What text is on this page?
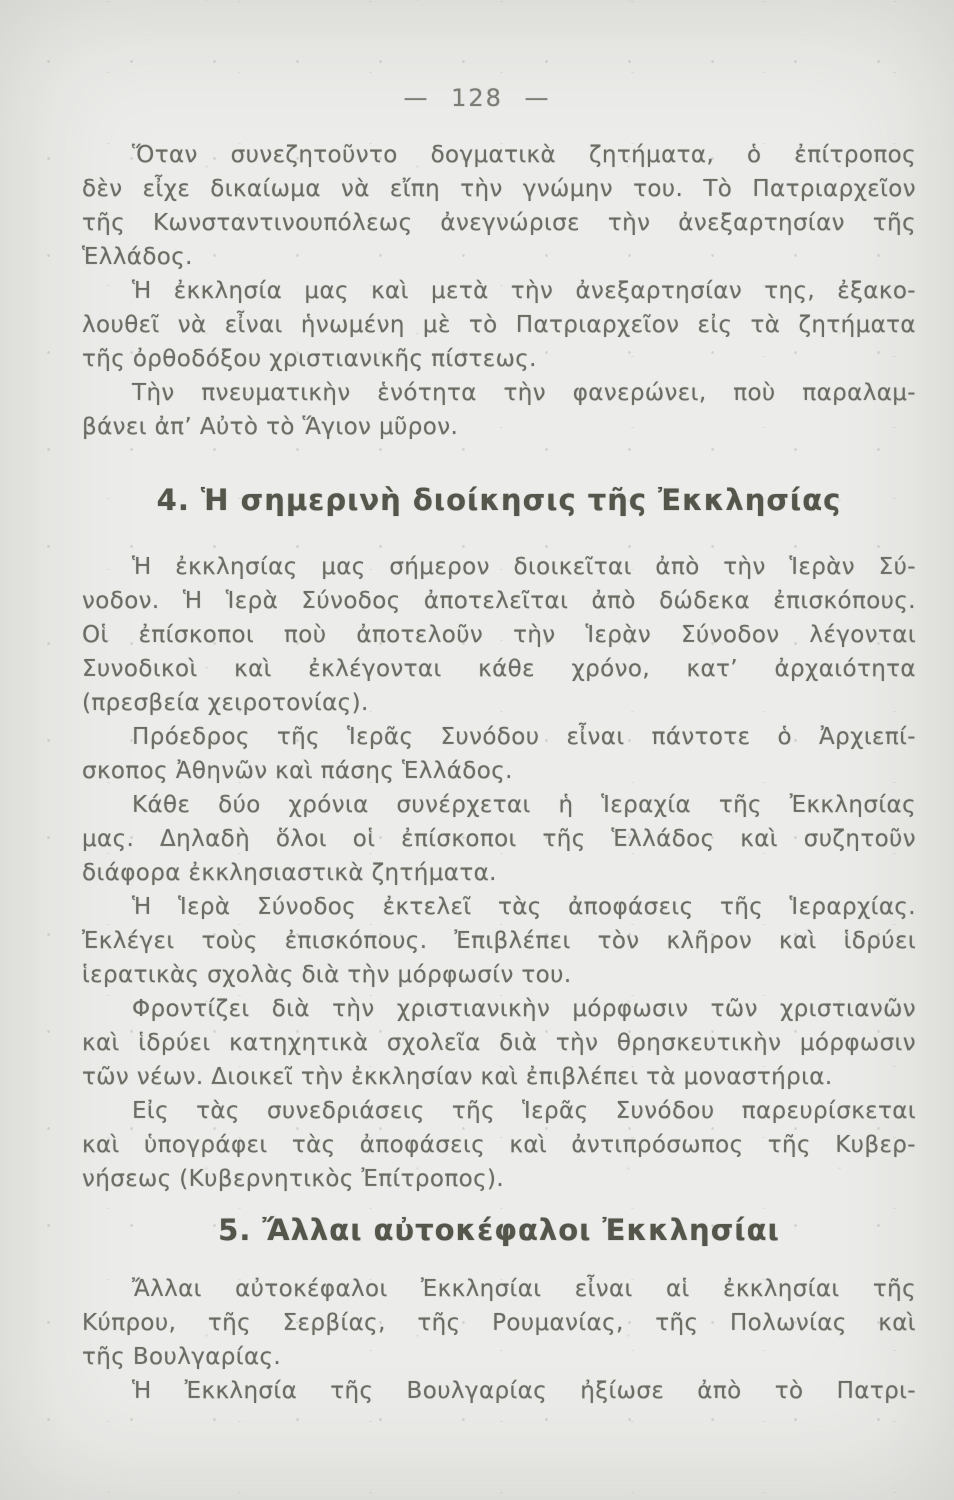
— 128 —
Ὅταν συνεζητοῦντο δογματικὰ ζητήματα, ὁ ἐπίτροπος
δὲν εἶχε δικαίωμα νὰ εἴπη τὴν γνώμην του. Τὸ Πατριαρχεῖον
τῆς Κωνσταντινουπόλεως ἀνεγνώρισε τὴν ἀνεξαρτησίαν τῆς
Ἑλλάδος.
Ἡ ἐκκλησία μας καὶ μετὰ τὴν ἀνεξαρτησίαν της, ἐξακο-
λουθεῖ νὰ εἶναι ἡνωμένη μὲ τὸ Πατριαρχεῖον εἰς τὰ ζητήματα
τῆς ὀρθοδόξου χριστιανικῆς πίστεως.
Τὴν πνευματικὴν ἑνότητα τὴν φανερώνει, ποὺ παραλαμ-
βάνει ἀπ’ Αὐτὸ τὸ Ἅγιον μῦρον.
4. Ἡ σημερινὴ διοίκησις τῆς Ἐκκλησίας
Ἡ ἐκκλησίας μας σήμερον διοικεῖται ἀπὸ τὴν Ἱερὰν Σύ-
νοδον. Ἡ Ἱερὰ Σύνοδος ἀποτελεῖται ἀπὸ δώδεκα ἐπισκόπους.
Οἱ ἐπίσκοποι ποὺ ἀποτελοῦν τὴν Ἱερὰν Σύνοδον λέγονται
Συνοδικοὶ καὶ ἐκλέγονται κάθε χρόνο, κατ’ ἀρχαιότητα
(πρεσβεία χειροτονίας).
Πρόεδρος τῆς Ἱερᾶς Συνόδου εἶναι πάντοτε ὁ Ἀρχιεπί-
σκοπος Ἀθηνῶν καὶ πάσης Ἑλλάδος.
Κάθε δύο χρόνια συνέρχεται ἡ Ἱεραχία τῆς Ἐκκλησίας
μας. Δηλαδὴ ὅλοι οἱ ἐπίσκοποι τῆς Ἑλλάδος καὶ συζητοῦν
διάφορα ἐκκλησιαστικὰ ζητήματα.
Ἡ Ἱερὰ Σύνοδος ἐκτελεῖ τὰς ἀποφάσεις τῆς Ἱεραρχίας.
Ἐκλέγει τοὺς ἐπισκόπους. Ἐπιβλέπει τὸν κλῆρον καὶ ἱδρύει
ἱερατικὰς σχολὰς διὰ τὴν μόρφωσίν του.
Φροντίζει διὰ τὴν χριστιανικὴν μόρφωσιν τῶν χριστιανῶν
καὶ ἱδρύει κατηχητικὰ σχολεῖα διὰ τὴν θρησκευτικὴν μόρφωσιν
τῶν νέων. Διοικεῖ τὴν ἐκκλησίαν καὶ ἐπιβλέπει τὰ μοναστήρια.
Εἰς τὰς συνεδριάσεις τῆς Ἱερᾶς Συνόδου παρευρίσκεται
καὶ ὑπογράφει τὰς ἀποφάσεις καὶ ἀντιπρόσωπος τῆς Κυβερ-
νήσεως (Κυβερνητικὸς Ἐπίτροπος).
5. Ἄλλαι αὐτοκέφαλοι Ἐκκλησίαι
Ἄλλαι αὐτοκέφαλοι Ἐκκλησίαι εἶναι αἱ ἐκκλησίαι τῆς
Κύπρου, τῆς Σερβίας, τῆς Ρουμανίας, τῆς Πολωνίας καὶ
τῆς Βουλγαρίας.
Ἡ Ἐκκλησία τῆς Βουλγαρίας ἠξίωσε ἀπὸ τὸ Πατρι-
